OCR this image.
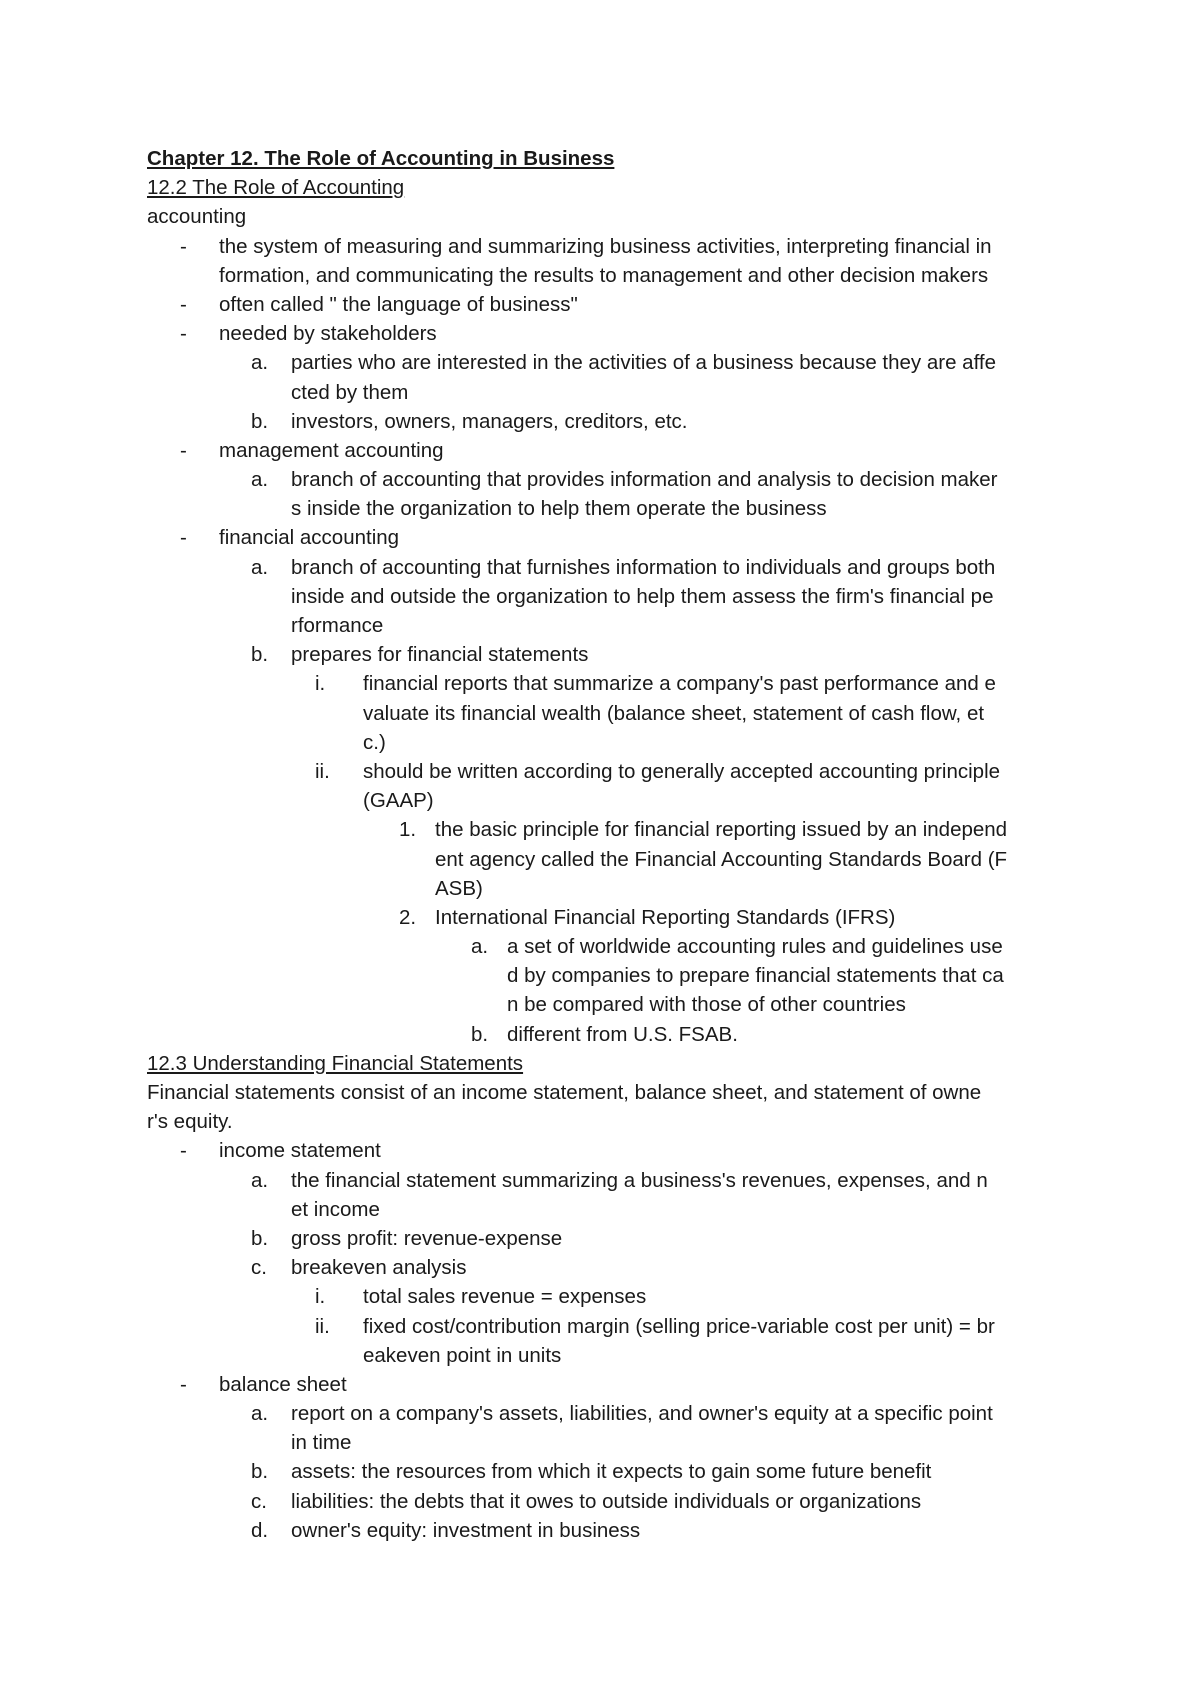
Chapter 12. The Role of Accounting in Business
12.2 The Role of Accounting
accounting
- the system of measuring and summarizing business activities, interpreting financial in
formation, and communicating the results to management and other decision makers
- often called " the language of business"
- needed by stakeholders
a. parties who are interested in the activities of a business because they are affe
cted by them
b. investors, owners, managers, creditors, etc.
- management accounting
a. branch of accounting that provides information and analysis to decision maker
s inside the organization to help them operate the business
- financial accounting
a. branch of accounting that furnishes information to individuals and groups both
inside and outside the organization to help them assess the firm's financial pe
rformance
b. prepares for financial statements
i. financial reports that summarize a company's past performance and e
valuate its financial wealth (balance sheet, statement of cash flow, et
c.)
ii. should be written according to generally accepted accounting principle
(GAAP)
1. the basic principle for financial reporting issued by an independ
ent agency called the Financial Accounting Standards Board (F
ASB)
2. International Financial Reporting Standards (IFRS)
a. a set of worldwide accounting rules and guidelines use
d by companies to prepare financial statements that ca
n be compared with those of other countries
b. different from U.S. FSAB.
12.3 Understanding Financial Statements
Financial statements consist of an income statement, balance sheet, and statement of owne
r's equity.
- income statement
a. the financial statement summarizing a business's revenues, expenses, and n
et income
b. gross profit: revenue-expense
c. breakeven analysis
i. total sales revenue = expenses
ii. fixed cost/contribution margin (selling price-variable cost per unit) = br
eakeven point in units
- balance sheet
a. report on a company's assets, liabilities, and owner's equity at a specific point
in time
b. assets: the resources from which it expects to gain some future benefit
c. liabilities: the debts that it owes to outside individuals or organizations
d. owner's equity: investment in business
